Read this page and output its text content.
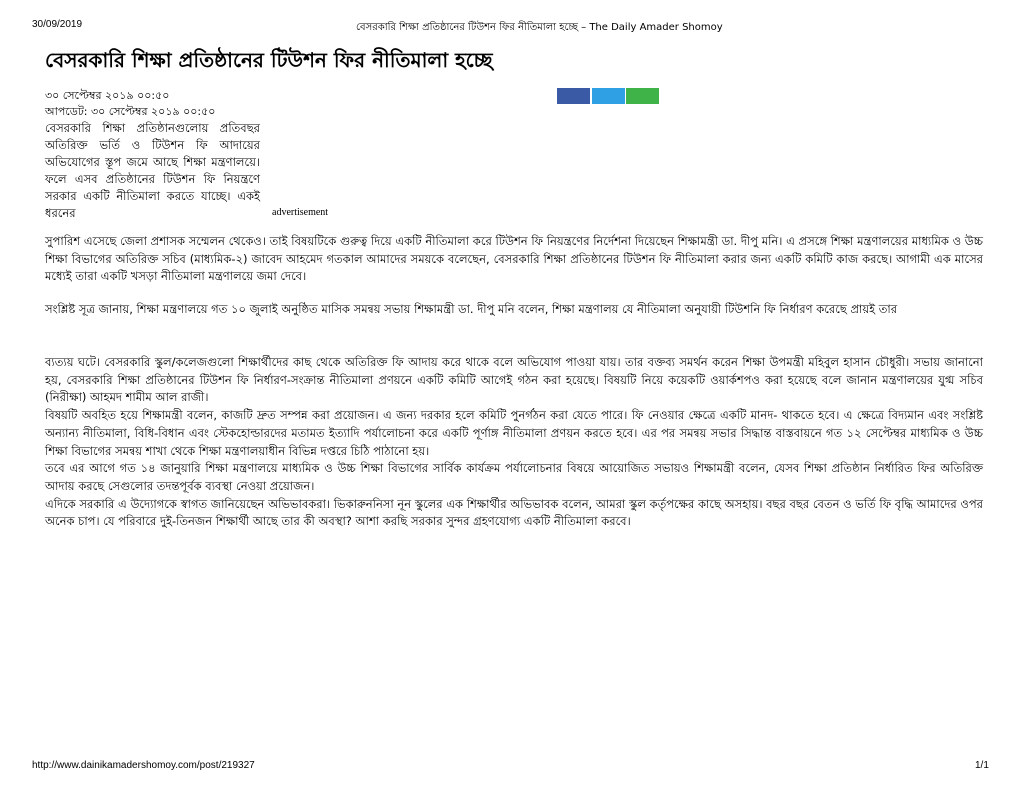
30/09/2019	বেসরকারি শিক্ষা প্রতিষ্ঠানের টিউশন ফির নীতিমালা হচ্ছে – The Daily Amader Shomoy
বেসরকারি শিক্ষা প্রতিষ্ঠানের টিউশন ফির নীতিমালা হচ্ছে
৩০ সেপ্টেম্বর ২০১৯ ০০:৫০
আপডেট: ৩০ সেপ্টেম্বর ২০১৯ ০০:৫০
বেসরকারি শিক্ষা প্রতিষ্ঠানগুলোয় প্রতিবছর অতিরিক্ত ভর্তি ও টিউশন ফি আদায়ের অভিযোগের স্তূপ জমে আছে শিক্ষা মন্ত্রণালয়ে। ফলে এসব প্রতিষ্ঠানের টিউশন ফি নিয়ন্ত্রণে সরকার একটি নীতিমালা করতে যাচ্ছে। একই ধরনের	advertisement

সুপারিশ এসেছে জেলা প্রশাসক সম্মেলন থেকেও। তাই বিষয়টিকে গুরুত্ব দিয়ে একটি নীতিমালা করে টিউশন ফি নিয়ন্ত্রণের নির্দেশনা দিয়েছেন শিক্ষামন্ত্রী ডা. দীপু মনি। এ প্রসঙ্গে শিক্ষা মন্ত্রণালয়ের মাধ্যমিক ও উচ্চ শিক্ষা বিভাগের অতিরিক্ত সচিব (মাধ্যমিক-২) জাবেদ আহমেদ গতকাল আমাদের সময়কে বলেছেন, বেসরকারি শিক্ষা প্রতিষ্ঠানের টিউশন ফি নীতিমালা করার জন্য একটি কমিটি কাজ করছে। আগামী এক মাসের মধ্যেই তারা একটি খসড়া নীতিমালা মন্ত্রণালয়ে জমা দেবে।

সংশ্লিষ্ট সূত্র জানায়, শিক্ষা মন্ত্রণালয়ে গত ১০ জুলাই অনুষ্ঠিত মাসিক সমন্বয় সভায় শিক্ষামন্ত্রী ডা. দীপু মনি বলেন, শিক্ষা মন্ত্রণালয় যে নীতিমালা অনুযায়ী টিউশনি ফি নির্ধারণ করেছে প্রায়ই তার

ব্যত্যয় ঘটে। বেসরকারি স্কুল/কলেজগুলো শিক্ষার্থীদের কাছ থেকে অতিরিক্ত ফি আদায় করে থাকে বলে অভিযোগ পাওয়া যায়। তার বক্তব্য সমর্থন করেন শিক্ষা উপমন্ত্রী মহিবুল হাসান চৌধুরী। সভায় জানানো হয়, বেসরকারি শিক্ষা প্রতিষ্ঠানের টিউশন ফি নির্ধারণ-সংক্রান্ত নীতিমালা প্রণয়নে একটি কমিটি আগেই গঠন করা হয়েছে। বিষয়টি নিয়ে কয়েকটি ওয়ার্কশপও করা হয়েছে বলে জানান মন্ত্রণালয়ের যুগ্ম সচিব (নিরীক্ষা) আহমদ শামীম আল রাজী।

বিষয়টি অবহিত হয়ে শিক্ষামন্ত্রী বলেন, কাজটি দ্রুত সম্পন্ন করা প্রয়োজন। এ জন্য দরকার হলে কমিটি পুনর্গঠন করা যেতে পারে। ফি নেওয়ার ক্ষেত্রে একটি মানদ- থাকতে হবে। এ ক্ষেত্রে বিদ্যমান এবং সংশ্লিষ্ট অন্যান্য নীতিমালা, বিধি-বিধান এবং স্টেকহোল্ডারদের মতামত ইত্যাদি পর্যালোচনা করে একটি পূর্ণাঙ্গ নীতিমালা প্রণয়ন করতে হবে। এর পর সমন্বয় সভার সিদ্ধান্ত বাস্তবায়নে গত ১২ সেপ্টেম্বর মাধ্যমিক ও উচ্চ শিক্ষা বিভাগের সমন্বয় শাখা থেকে শিক্ষা মন্ত্রণালয়াধীন বিভিন্ন দপ্তরে চিঠি পাঠানো হয়।

তবে এর আগে গত ১৪ জানুয়ারি শিক্ষা মন্ত্রণালয়ে মাধ্যমিক ও উচ্চ শিক্ষা বিভাগের সার্বিক কার্যক্রম পর্যালোচনার বিষয়ে আয়োজিত সভায়ও শিক্ষামন্ত্রী বলেন, যেসব শিক্ষা প্রতিষ্ঠান নির্ধারিত ফির অতিরিক্ত আদায় করছে সেগুলোর তদন্তপূর্বক ব্যবস্থা নেওয়া প্রয়োজন।

এদিকে সরকারি এ উদ্যোগকে স্বাগত জানিয়েছেন অভিভাবকরা। ভিকারুননিসা নূন স্কুলের এক শিক্ষার্থীর অভিভাবক বলেন, আমরা স্কুল কর্তৃপক্ষের কাছে অসহায়। বছর বছর বেতন ও ভর্তি ফি বৃদ্ধি আমাদের ওপর অনেক চাপ। যে পরিবারে দুই-তিনজন শিক্ষার্থী আছে তার কী অবস্থা? আশা করছি সরকার সুন্দর গ্রহণযোগ্য একটি নীতিমালা করবে।

http://www.dainikamadershomoy.com/post/219327	1/1
